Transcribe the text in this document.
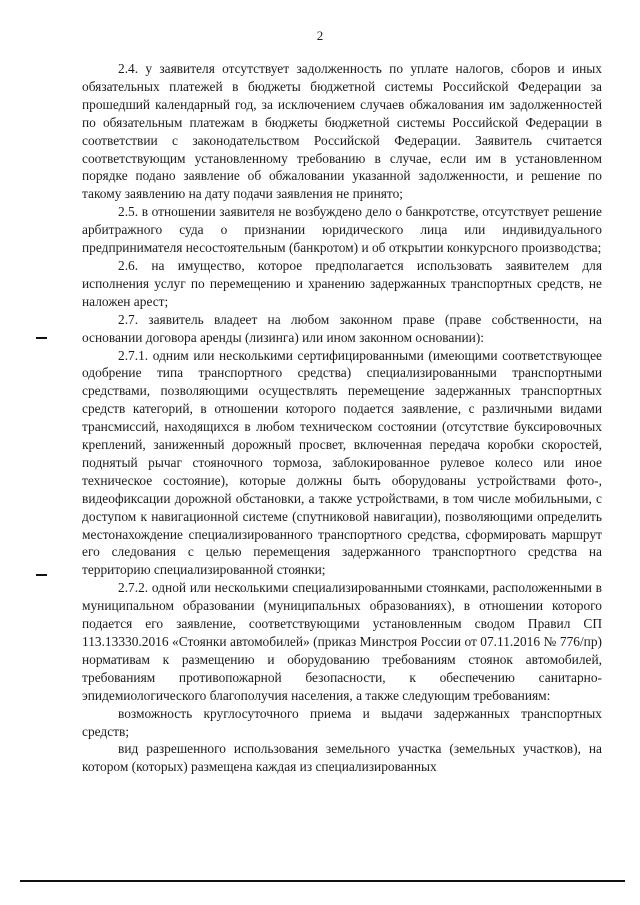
2

2.4. у заявителя отсутствует задолженность по уплате налогов, сборов и иных обязательных платежей в бюджеты бюджетной системы Российской Федерации за прошедший календарный год, за исключением случаев обжалования им задолженностей по обязательным платежам в бюджеты бюджетной системы Российской Федерации в соответствии с законодательством Российской Федерации. Заявитель считается соответствующим установленному требованию в случае, если им в установленном порядке подано заявление об обжаловании указанной задолженности, и решение по такому заявлению на дату подачи заявления не принято;

2.5. в отношении заявителя не возбуждено дело о банкротстве, отсутствует решение арбитражного суда о признании юридического лица или индивидуального предпринимателя несостоятельным (банкротом) и об открытии конкурсного производства;

2.6. на имущество, которое предполагается использовать заявителем для исполнения услуг по перемещению и хранению задержанных транспортных средств, не наложен арест;

2.7. заявитель владеет на любом законном праве (праве собственности, на основании договора аренды (лизинга) или ином законном основании):

2.7.1. одним или несколькими сертифицированными (имеющими соответствующее одобрение типа транспортного средства) специализированными транспортными средствами, позволяющими осуществлять перемещение задержанных транспортных средств категорий, в отношении которого подается заявление, с различными видами трансмиссий, находящихся в любом техническом состоянии (отсутствие буксировочных креплений, заниженный дорожный просвет, включенная передача коробки скоростей, поднятый рычаг стояночного тормоза, заблокированное рулевое колесо или иное техническое состояние), которые должны быть оборудованы устройствами фото-, видеофиксации дорожной обстановки, а также устройствами, в том числе мобильными, с доступом к навигационной системе (спутниковой навигации), позволяющими определить местонахождение специализированного транспортного средства, сформировать маршрут его следования с целью перемещения задержанного транспортного средства на территорию специализированной стоянки;

2.7.2. одной или несколькими специализированными стоянками, расположенными в муниципальном образовании (муниципальных образованиях), в отношении которого подается его заявление, соответствующими установленным сводом Правил СП 113.13330.2016 «Стоянки автомобилей» (приказ Минстроя России от 07.11.2016 № 776/пр) нормативам к размещению и оборудованию требованиям стоянок автомобилей, требованиям противопожарной безопасности, к обеспечению санитарно-эпидемиологического благополучия населения, а также следующим требованиям:

возможность круглосуточного приема и выдачи задержанных транспортных средств;

вид разрешенного использования земельного участка (земельных участков), на котором (которых) размещена каждая из специализированных
